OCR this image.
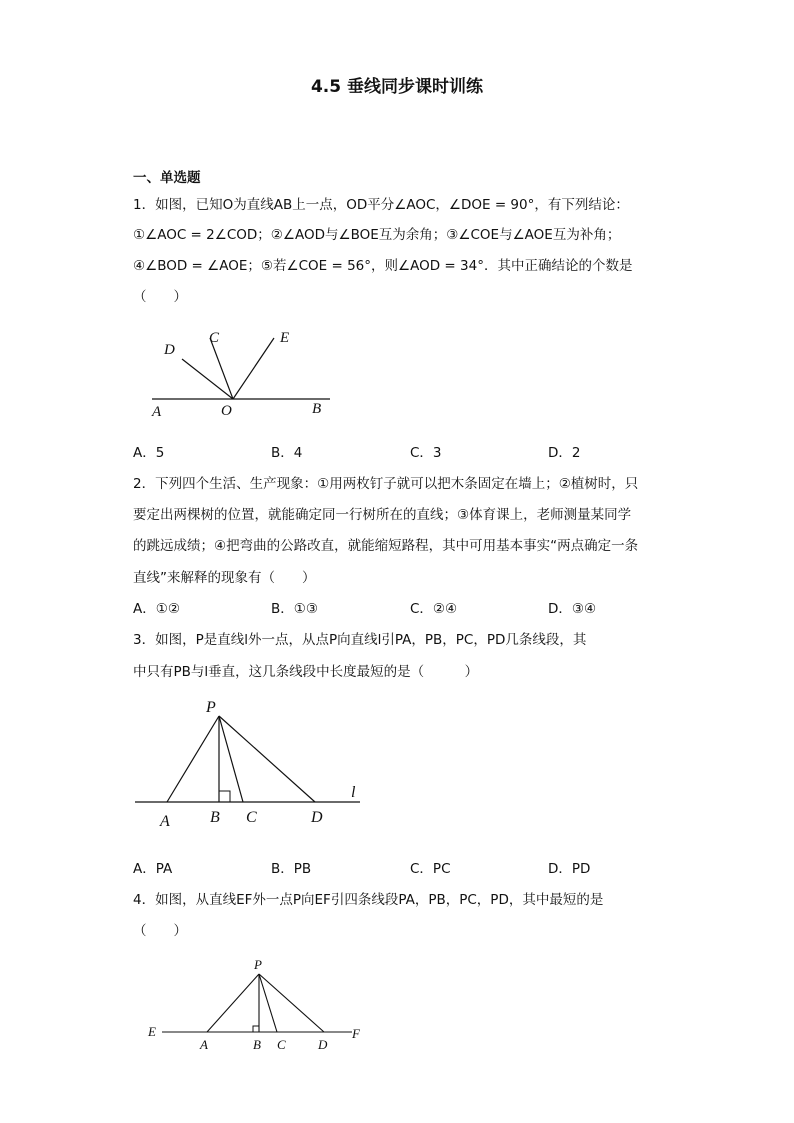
4.5 垂线同步课时训练
一、单选题
1．如图，已知O为直线AB上一点，OD平分∠AOC，∠DOE = 90°，有下列结论：
①∠AOC = 2∠COD；②∠AOD与∠BOE互为余角；③∠COE与∠AOE互为补角；
④∠BOD = ∠AOE；⑤若∠COE = 56°，则∠AOD = 34°．其中正确结论的个数是
（　　）
D
C	E
A	O	B
A．5	B．4	C．3	D．2
2．下列四个生活、生产现象：①用两枚钉子就可以把木条固定在墙上；②植树时，只
要定出两棵树的位置，就能确定同一行树所在的直线；③体育课上，老师测量某同学
的跳远成绩；④把弯曲的公路改直，就能缩短路程，其中可用基本事实“两点确定一条
直线”来解释的现象有（　　）
A．①②	B．①③	C．②④	D．③④
3．如图，P是直线l外一点，从点P向直线l引PA，PB，PC，PD几条线段，其
中只有PB与l垂直，这几条线段中长度最短的是（　　　）
P
l
A	B C	D
A．PA	B．PB	C．PC	D．PD
4．如图，从直线EF外一点P向EF引四条线段PA，PB，PC，PD，其中最短的是
（　　）
P
E	F
A	B C D
